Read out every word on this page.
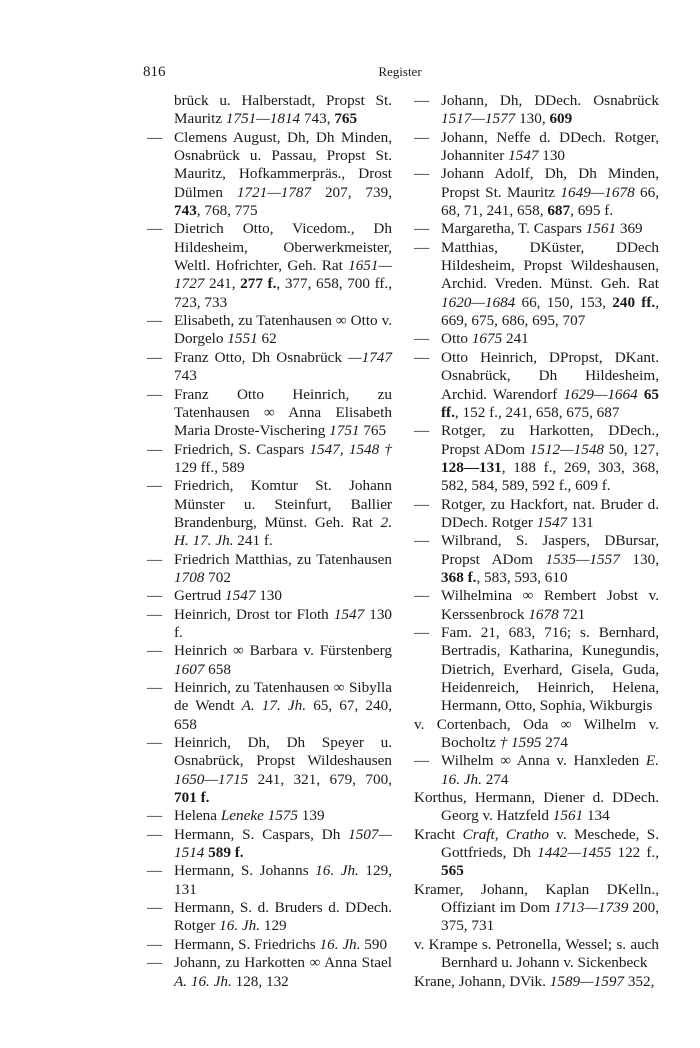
816	Register

brück u. Halberstadt, Propst St. Mauritz 1751—1814 743, 765

— Clemens August, Dh, Dh Minden, Osnabrück u. Passau, Propst St. Mauritz, Hofkammerpräs., Drost Dülmen 1721—1787 207, 739, 743, 768, 775

— Dietrich Otto, Vicedom., Dh Hildesheim, Oberwerkmeister, Weltl. Hofrichter, Geh. Rat 1651—1727 241, 277 f., 377, 658, 700 ff., 723, 733

— Elisabeth, zu Tatenhausen ∞ Otto v. Dorgelo 1551 62

— Franz Otto, Dh Osnabrück —1747 743

— Franz Otto Heinrich, zu Tatenhausen ∞ Anna Elisabeth Maria Droste-Vischering 1751 765

— Friedrich, S. Caspars 1547, 1548 † 129 ff., 589

— Friedrich, Komtur St. Johann Münster u. Steinfurt, Ballier Brandenburg, Münst. Geh. Rat 2. H. 17. Jh. 241 f.

— Friedrich Matthias, zu Tatenhausen 1708 702

— Gertrud 1547 130

— Heinrich, Drost tor Floth 1547 130 f.

— Heinrich ∞ Barbara v. Fürstenberg 1607 658

— Heinrich, zu Tatenhausen ∞ Sibylla de Wendt A. 17. Jh. 65, 67, 240, 658

— Heinrich, Dh, Dh Speyer u. Osnabrück, Propst Wildeshausen 1650—1715 241, 321, 679, 700, 701 f.

— Helena Leneke 1575 139

— Hermann, S. Caspars, Dh 1507—1514 589 f.

— Hermann, S. Johanns 16. Jh. 129, 131

— Hermann, S. d. Bruders d. DDech. Rotger 16. Jh. 129

— Hermann, S. Friedrichs 16. Jh. 590

— Johann, zu Harkotten ∞ Anna Stael A. 16. Jh. 128, 132

— Johann, Dh, DDech. Osnabrück 1517—1577 130, 609

— Johann, Neffe d. DDech. Rotger, Johanniter 1547 130

— Johann Adolf, Dh, Dh Minden, Propst St. Mauritz 1649—1678 66, 68, 71, 241, 658, 687, 695 f.

— Margaretha, T. Caspars 1561 369

— Matthias, DKüster, DDech Hildesheim, Propst Wildeshausen, Archid. Vreden. Münst. Geh. Rat 1620—1684 66, 150, 153, 240 ff., 669, 675, 686, 695, 707

— Otto 1675 241

— Otto Heinrich, DPropst, DKant. Osnabrück, Dh Hildesheim, Archid. Warendorf 1629—1664 65 ff., 152 f., 241, 658, 675, 687

— Rotger, zu Harkotten, DDech., Propst ADom 1512—1548 50, 127, 128—131, 188 f., 269, 303, 368, 582, 584, 589, 592 f., 609 f.

— Rotger, zu Hackfort, nat. Bruder d. DDech. Rotger 1547 131

— Wilbrand, S. Jaspers, DBursar, Propst ADom 1535—1557 130, 368 f., 583, 593, 610

— Wilhelmina ∞ Rembert Jobst v. Kerssenbrock 1678 721

— Fam. 21, 683, 716; s. Bernhard, Bertradis, Katharina, Kunegundis, Dietrich, Everhard, Gisela, Guda, Heidenreich, Heinrich, Helena, Hermann, Otto, Sophia, Wikburgis

v. Cortenbach, Oda ∞ Wilhelm v. Bocholtz † 1595 274

— Wilhelm ∞ Anna v. Hanxleden E. 16. Jh. 274

Korthus, Hermann, Diener d. DDech. Georg v. Hatzfeld 1561 134

Kracht Craft, Cratho v. Meschede, S. Gottfrieds, Dh 1442—1455 122 f., 565

Kramer, Johann, Kaplan DKelln., Offiziant im Dom 1713—1739 200, 375, 731

v. Krampe s. Petronella, Wessel; s. auch Bernhard u. Johann v. Sickenbeck

Krane, Johann, DVik. 1589—1597 352,
